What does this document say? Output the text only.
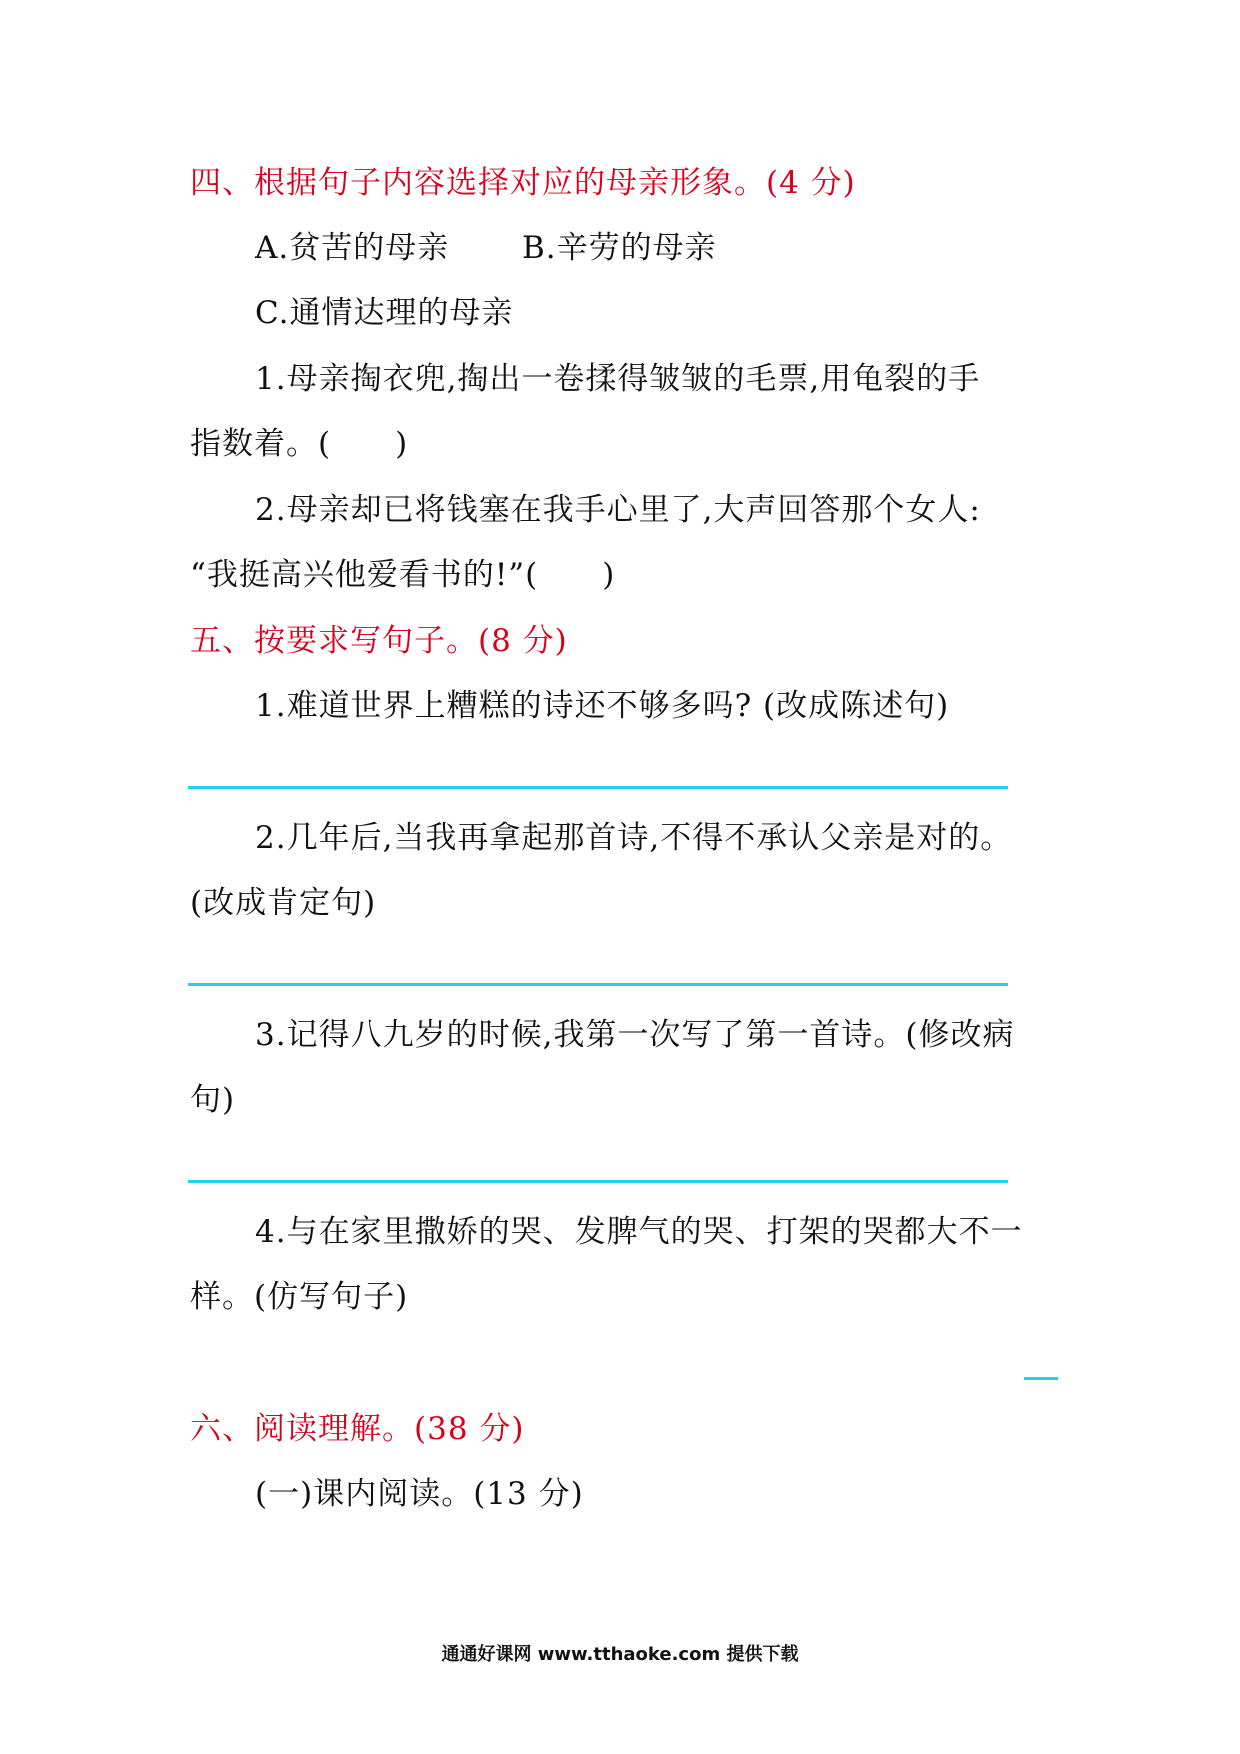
四、根据句子内容选择对应的母亲形象。(4 分)
A.贫苦的母亲 B.辛劳的母亲
C.通情达理的母亲
1.母亲掏衣兜,掏出一卷揉得皱皱的毛票,用龟裂的手
指数着。(　　)
2.母亲却已将钱塞在我手心里了,大声回答那个女人:
“我挺高兴他爱看书的!”(　　)
五、按要求写句子。(8 分)
1.难道世界上糟糕的诗还不够多吗? (改成陈述句)
2.几年后,当我再拿起那首诗,不得不承认父亲是对的。
(改成肯定句)
3.记得八九岁的时候,我第一次写了第一首诗。(修改病
句)
4.与在家里撒娇的哭、发脾气的哭、打架的哭都大不一
样。(仿写句子)
六、阅读理解。(38 分)
(一)课内阅读。(13 分)
通通好课网 www.tthaoke.com 提供下载
